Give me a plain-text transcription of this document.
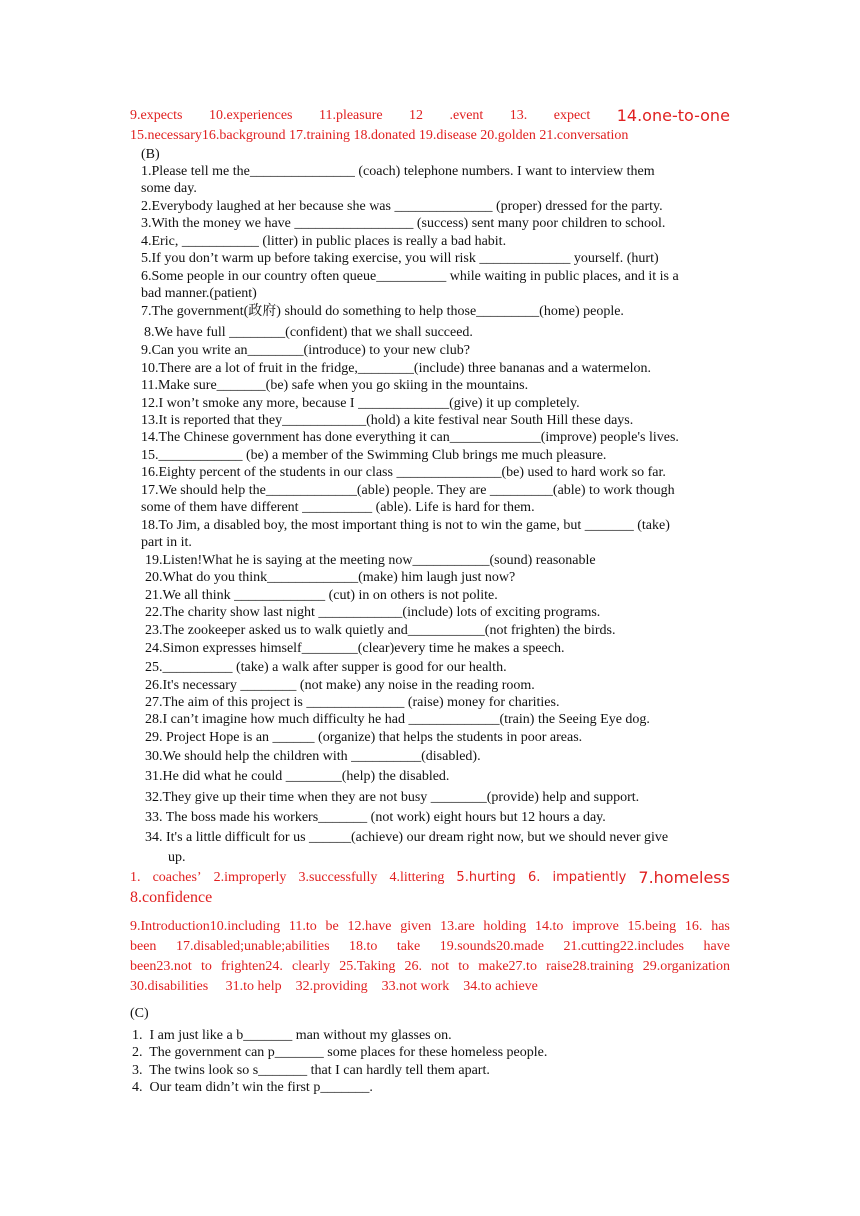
9.expects 10.experiences 11.pleasure 12 .event 13. expect 14.one-to-one
15.necessary16.background 17.training 18.donated 19.disease 20.golden 21.conversation
(B)
1.Please tell me the_______________ (coach) telephone numbers. I want to interview them
some day.
2.Everybody laughed at her because she was ______________ (proper) dressed for the party.
3.With the money we have _________________ (success) sent many poor children to school.
4.Eric, ___________ (litter) in public places is really a bad habit.
5.If you don’t warm up before taking exercise, you will risk _____________ yourself. (hurt)
6.Some people in our country often queue__________ while waiting in public places, and it is a
bad manner.(patient)
7.The government(政府) should do something to help those_________(home) people.
8.We have full ________(confident) that we shall succeed.
9.Can you write an________(introduce) to your new club?
10.There are a lot of fruit in the fridge,________(include) three bananas and a watermelon.
11.Make sure_______(be) safe when you go skiing in the mountains.
12.I won’t smoke any more, because I _____________(give) it up completely.
13.It is reported that they____________(hold) a kite festival near South Hill these days.
14.The Chinese government has done everything it can_____________(improve) people's lives.
15.____________ (be) a member of the Swimming Club brings me much pleasure.
16.Eighty percent of the students in our class _______________(be) used to hard work so far.
17.We should help the_____________(able) people. They are _________(able) to work though
some of them have different __________ (able). Life is hard for them.
18.To Jim, a disabled boy, the most important thing is not to win the game, but _______ (take)
part in it.
19.Listen!What he is saying at the meeting now___________(sound) reasonable
20.What do you think_____________(make) him laugh just now?
21.We all think _____________ (cut) in on others is not polite.
22.The charity show last night ____________(include) lots of exciting programs.
23.The zookeeper asked us to walk quietly and___________(not frighten) the birds.
24.Simon expresses himself________(clear)every time he makes a speech.
25.__________ (take) a walk after supper is good for our health.
26.It's necessary ________ (not make) any noise in the reading room.
27.The aim of this project is ______________ (raise) money for charities.
28.I can’t imagine how much difficulty he had _____________(train) the Seeing Eye dog.
29. Project Hope is an ______ (organize) that helps the students in poor areas.
30.We should help the children with __________(disabled).
31.He did what he could ________(help) the disabled.
32.They give up their time when they are not busy ________(provide) help and support.
33. The boss made his workers_______ (not work) eight hours but 12 hours a day.
34. It's a little difficult for us ______(achieve) our dream right now, but we should never give
up.
1. coaches’ 2.improperly 3.successfully 4.littering 5.hurting 6. impatiently 7.homeless
8.confidence
9.Introduction10.including 11.to be 12.have given 13.are holding 14.to improve 15.being 16. has
been 17.disabled;unable;abilities 18.to take 19.sounds20.made 21.cutting22.includes have
been23.not to frighten24. clearly 25.Taking 26. not to make27.to raise28.training 29.organization
30.disabilities     31.to help    32.providing    33.not work    34.to achieve
(C)
1.  I am just like a b_______ man without my glasses on.
2.  The government can p_______ some places for these homeless people.
3.  The twins look so s_______ that I can hardly tell them apart.
4.  Our team didn’t win the first p_______.
